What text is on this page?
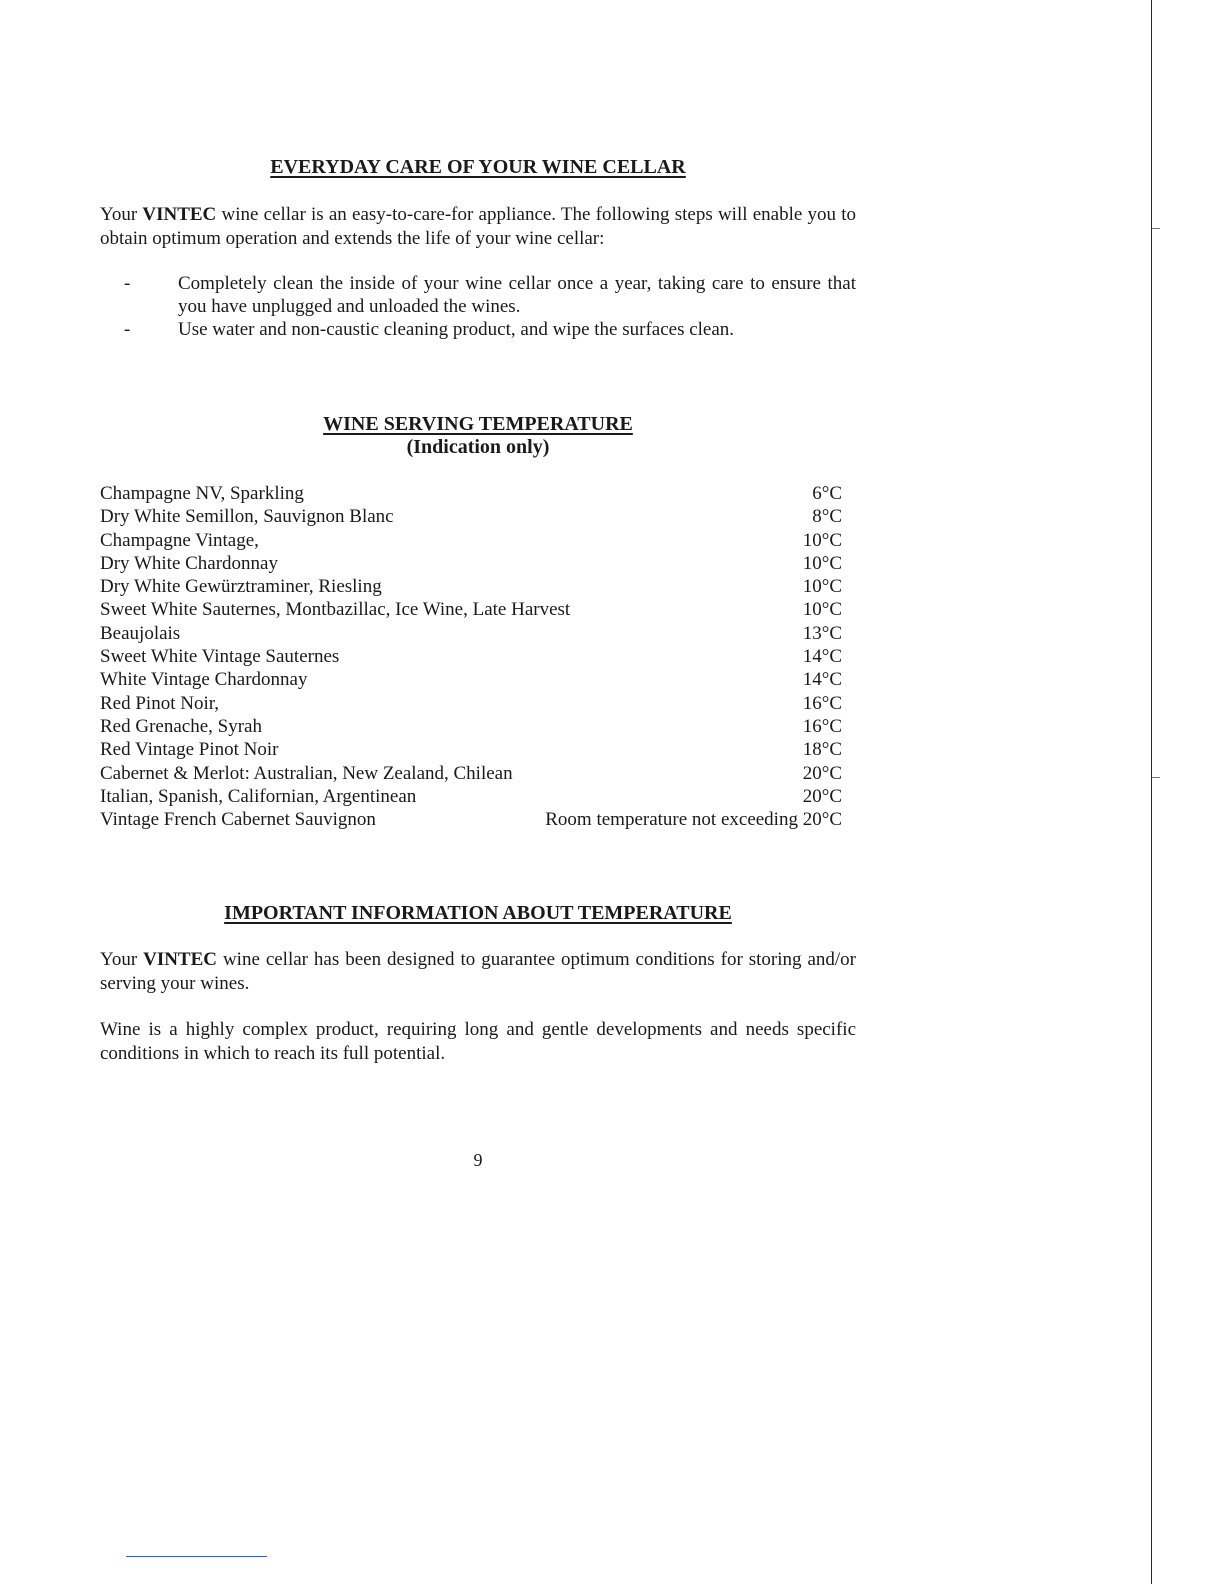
EVERYDAY CARE OF YOUR WINE CELLAR

Your VINTEC wine cellar is an easy-to-care-for appliance. The following steps will enable you to obtain optimum operation and extends the life of your wine cellar:

-	Completely clean the inside of your wine cellar once a year, taking care to ensure that you have unplugged and unloaded the wines.
-	Use water and non-caustic cleaning product, and wipe the surfaces clean.
WINE SERVING TEMPERATURE
(Indication only)
Champagne NV, Sparkling	6°C
Dry White Semillon, Sauvignon Blanc	8°C
Champagne Vintage,	10°C
Dry White Chardonnay	10°C
Dry White Gewürztraminer, Riesling	10°C
Sweet White Sauternes, Montbazillac, Ice Wine, Late Harvest	10°C
Beaujolais	13°C
Sweet White Vintage Sauternes	14°C
White Vintage Chardonnay	14°C
Red Pinot Noir,	16°C
Red Grenache, Syrah	16°C
Red Vintage Pinot Noir	18°C
Cabernet & Merlot: Australian, New Zealand, Chilean	20°C
Italian, Spanish, Californian, Argentinean	20°C
Vintage French Cabernet Sauvignon	Room temperature not exceeding 20°C
IMPORTANT INFORMATION ABOUT TEMPERATURE

Your VINTEC wine cellar has been designed to guarantee optimum conditions for storing and/or serving your wines.

Wine is a highly complex product, requiring long and gentle developments and needs specific conditions in which to reach its full potential.

9
